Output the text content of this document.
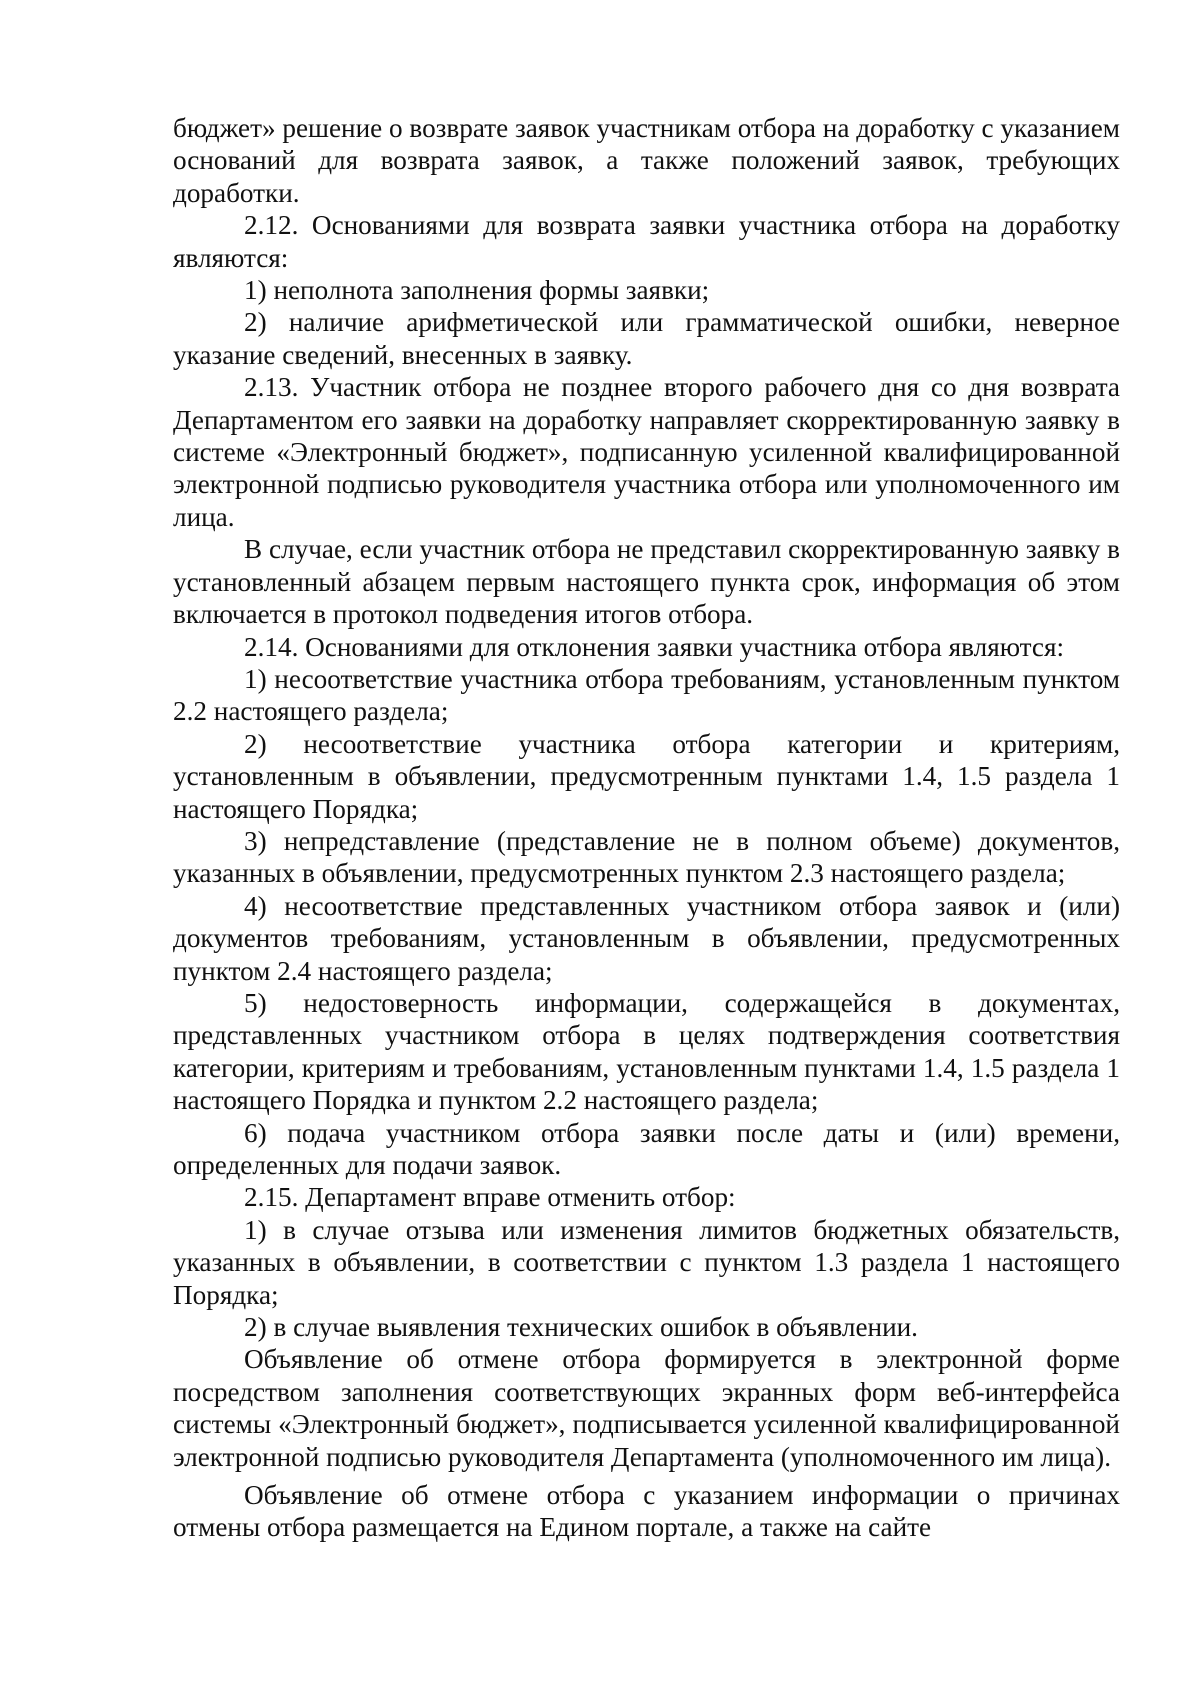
бюджет» решение о возврате заявок участникам отбора на доработку с указанием оснований для возврата заявок, а также положений заявок, требующих доработки.

2.12. Основаниями для возврата заявки участника отбора на доработку являются:

1) неполнота заполнения формы заявки;

2) наличие арифметической или грамматической ошибки, неверное указание сведений, внесенных в заявку.

2.13. Участник отбора не позднее второго рабочего дня со дня возврата Департаментом его заявки на доработку направляет скорректированную заявку в системе «Электронный бюджет», подписанную усиленной квалифицированной электронной подписью руководителя участника отбора или уполномоченного им лица.

В случае, если участник отбора не представил скорректированную заявку в установленный абзацем первым настоящего пункта срок, информация об этом включается в протокол подведения итогов отбора.

2.14. Основаниями для отклонения заявки участника отбора являются:

1) несоответствие участника отбора требованиям, установленным пунктом 2.2 настоящего раздела;

2) несоответствие участника отбора категории и критериям, установленным в объявлении, предусмотренным пунктами 1.4, 1.5 раздела 1 настоящего Порядка;

3) непредставление (представление не в полном объеме) документов, указанных в объявлении, предусмотренных пунктом 2.3 настоящего раздела;

4) несоответствие представленных участником отбора заявок и (или) документов требованиям, установленным в объявлении, предусмотренных пунктом 2.4 настоящего раздела;

5) недостоверность информации, содержащейся в документах, представленных участником отбора в целях подтверждения соответствия категории, критериям и требованиям, установленным пунктами 1.4, 1.5 раздела 1 настоящего Порядка и пунктом 2.2 настоящего раздела;

6) подача участником отбора заявки после даты и (или) времени, определенных для подачи заявок.

2.15. Департамент вправе отменить отбор:

1) в случае отзыва или изменения лимитов бюджетных обязательств, указанных в объявлении, в соответствии с пунктом 1.3 раздела 1 настоящего Порядка;

2) в случае выявления технических ошибок в объявлении.

Объявление об отмене отбора формируется в электронной форме посредством заполнения соответствующих экранных форм веб-интерфейса системы «Электронный бюджет», подписывается усиленной квалифицированной электронной подписью руководителя Департамента (уполномоченного им лица).

Объявление об отмене отбора с указанием информации о причинах отмены отбора размещается на Едином портале, а также на сайте
